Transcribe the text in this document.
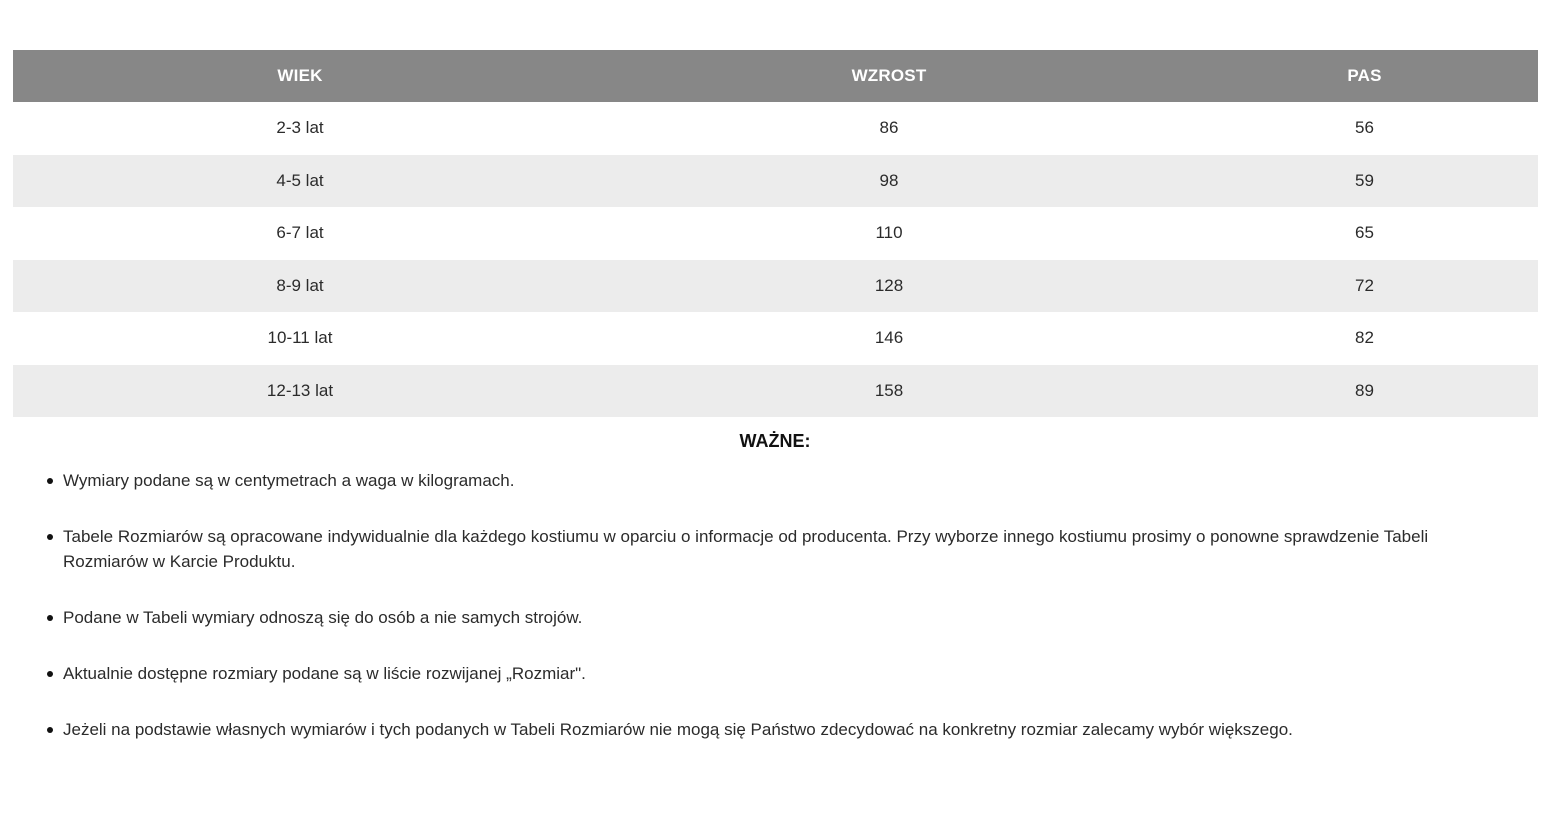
WIEK	WZROST	PAS
2-3 lat	86	56
4-5 lat	98	59
6-7 lat	110	65
8-9 lat	128	72
10-11 lat	146	82
12-13 lat	158	89
WAŻNE:
Wymiary podane są w centymetrach a waga w kilogramach.
Tabele Rozmiarów są opracowane indywidualnie dla każdego kostiumu w oparciu o informacje od producenta. Przy wyborze innego kostiumu prosimy o ponowne sprawdzenie Tabeli Rozmiarów w Karcie Produktu.
Podane w Tabeli wymiary odnoszą się do osób a nie samych strojów.
Aktualnie dostępne rozmiary podane są w liście rozwijanej „Rozmiar".
Jeżeli na podstawie własnych wymiarów i tych podanych w Tabeli Rozmiarów nie mogą się Państwo zdecydować na konkretny rozmiar zalecamy wybór większego.
